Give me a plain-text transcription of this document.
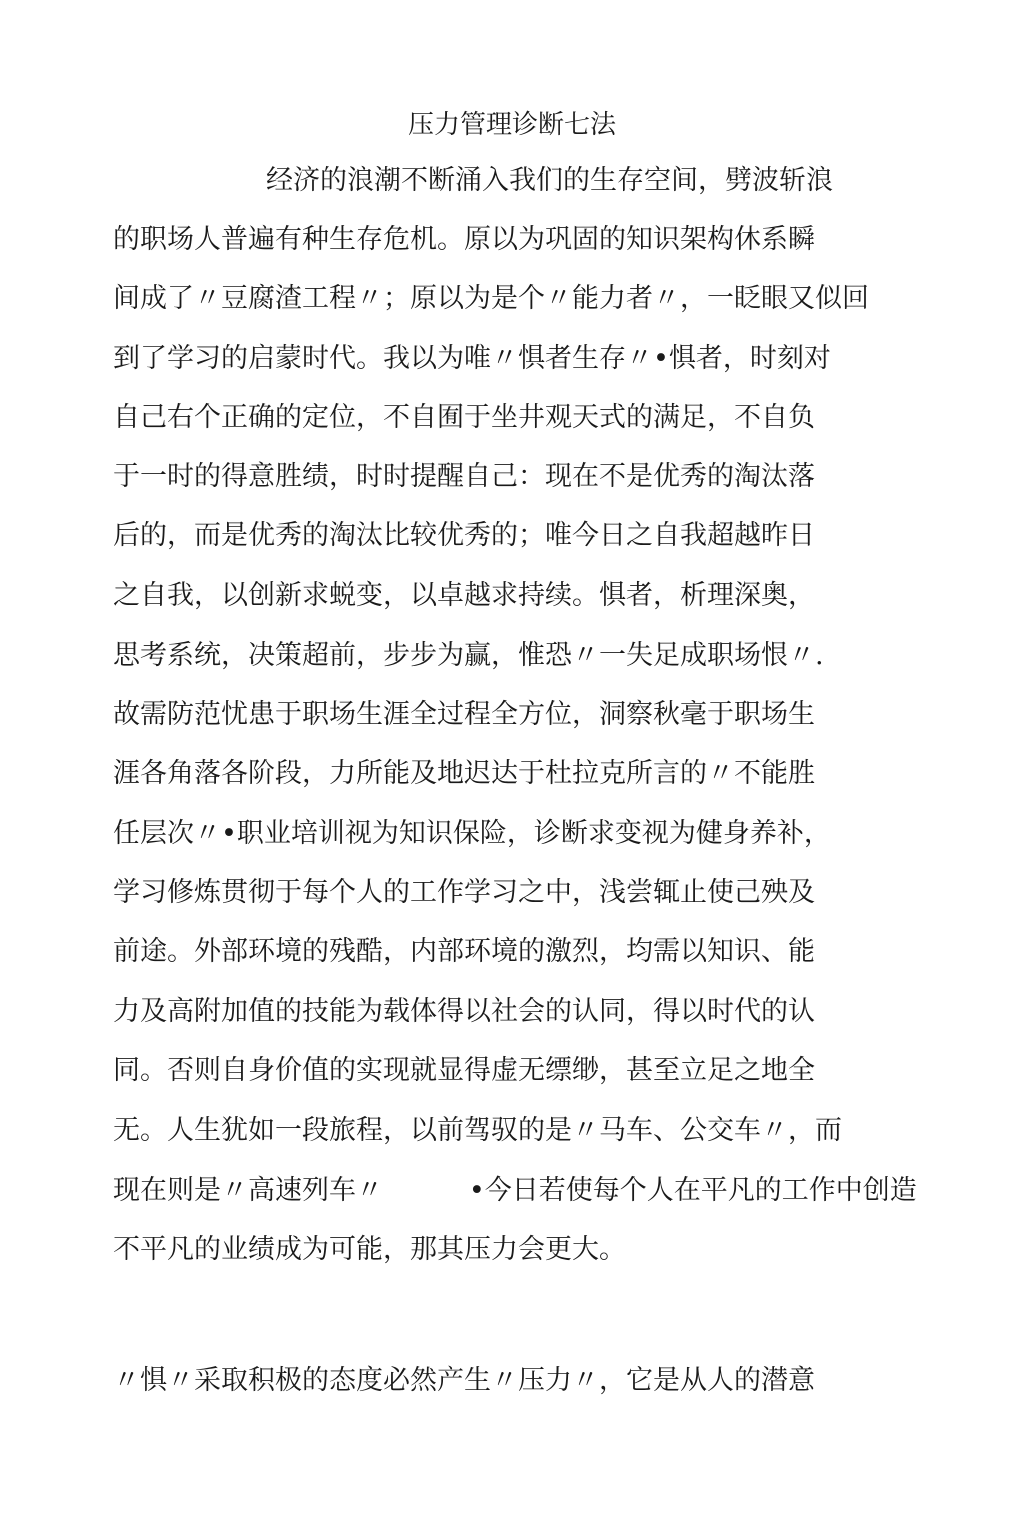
压力管理诊断七法
经济的浪潮不断涌入我们的生存空间，劈波斩浪
的职场人普遍有种生存危机。原以为巩固的知识架构休系瞬
间成了〃豆腐渣工程〃；原以为是个〃能力者〃，一眨眼又似回
到了学习的启蒙时代。我以为唯〃惧者生存〃•惧者，时刻对
自己右个正确的定位，不自囿于坐井观天式的满足，不自负
于一时的得意胜绩，时时提醒自己：现在不是优秀的淘汰落
后的，而是优秀的淘汰比较优秀的；唯今日之自我超越昨日
之自我，以创新求蜕变，以卓越求持续。惧者，析理深奥，
思考系统，决策超前，步步为赢，惟恐〃一失足成职场恨〃.
故需防范忧患于职场生涯全过程全方位，洞察秋毫于职场生
涯各角落各阶段，力所能及地迟达于杜拉克所言的〃不能胜
任层次〃•职业培训视为知识保险，诊断求变视为健身养补，
学习修炼贯彻于每个人的工作学习之中，浅尝辄止使己殃及
前途。外部环境的残酷，内部环境的激烈，均需以知识、能
力及高附加值的技能为载体得以社会的认同，得以时代的认
同。否则自身价值的实现就显得虚无缥缈，甚至立足之地全
无。人生犹如一段旅程，以前驾驭的是〃马车、公交车〃，而
现在则是〃高速列车〃          •今日若使每个人在平凡的工作中创造
不平凡的业绩成为可能，那其压力会更大。
〃惧〃采取积极的态度必然产生〃压力〃，它是从人的潜意
